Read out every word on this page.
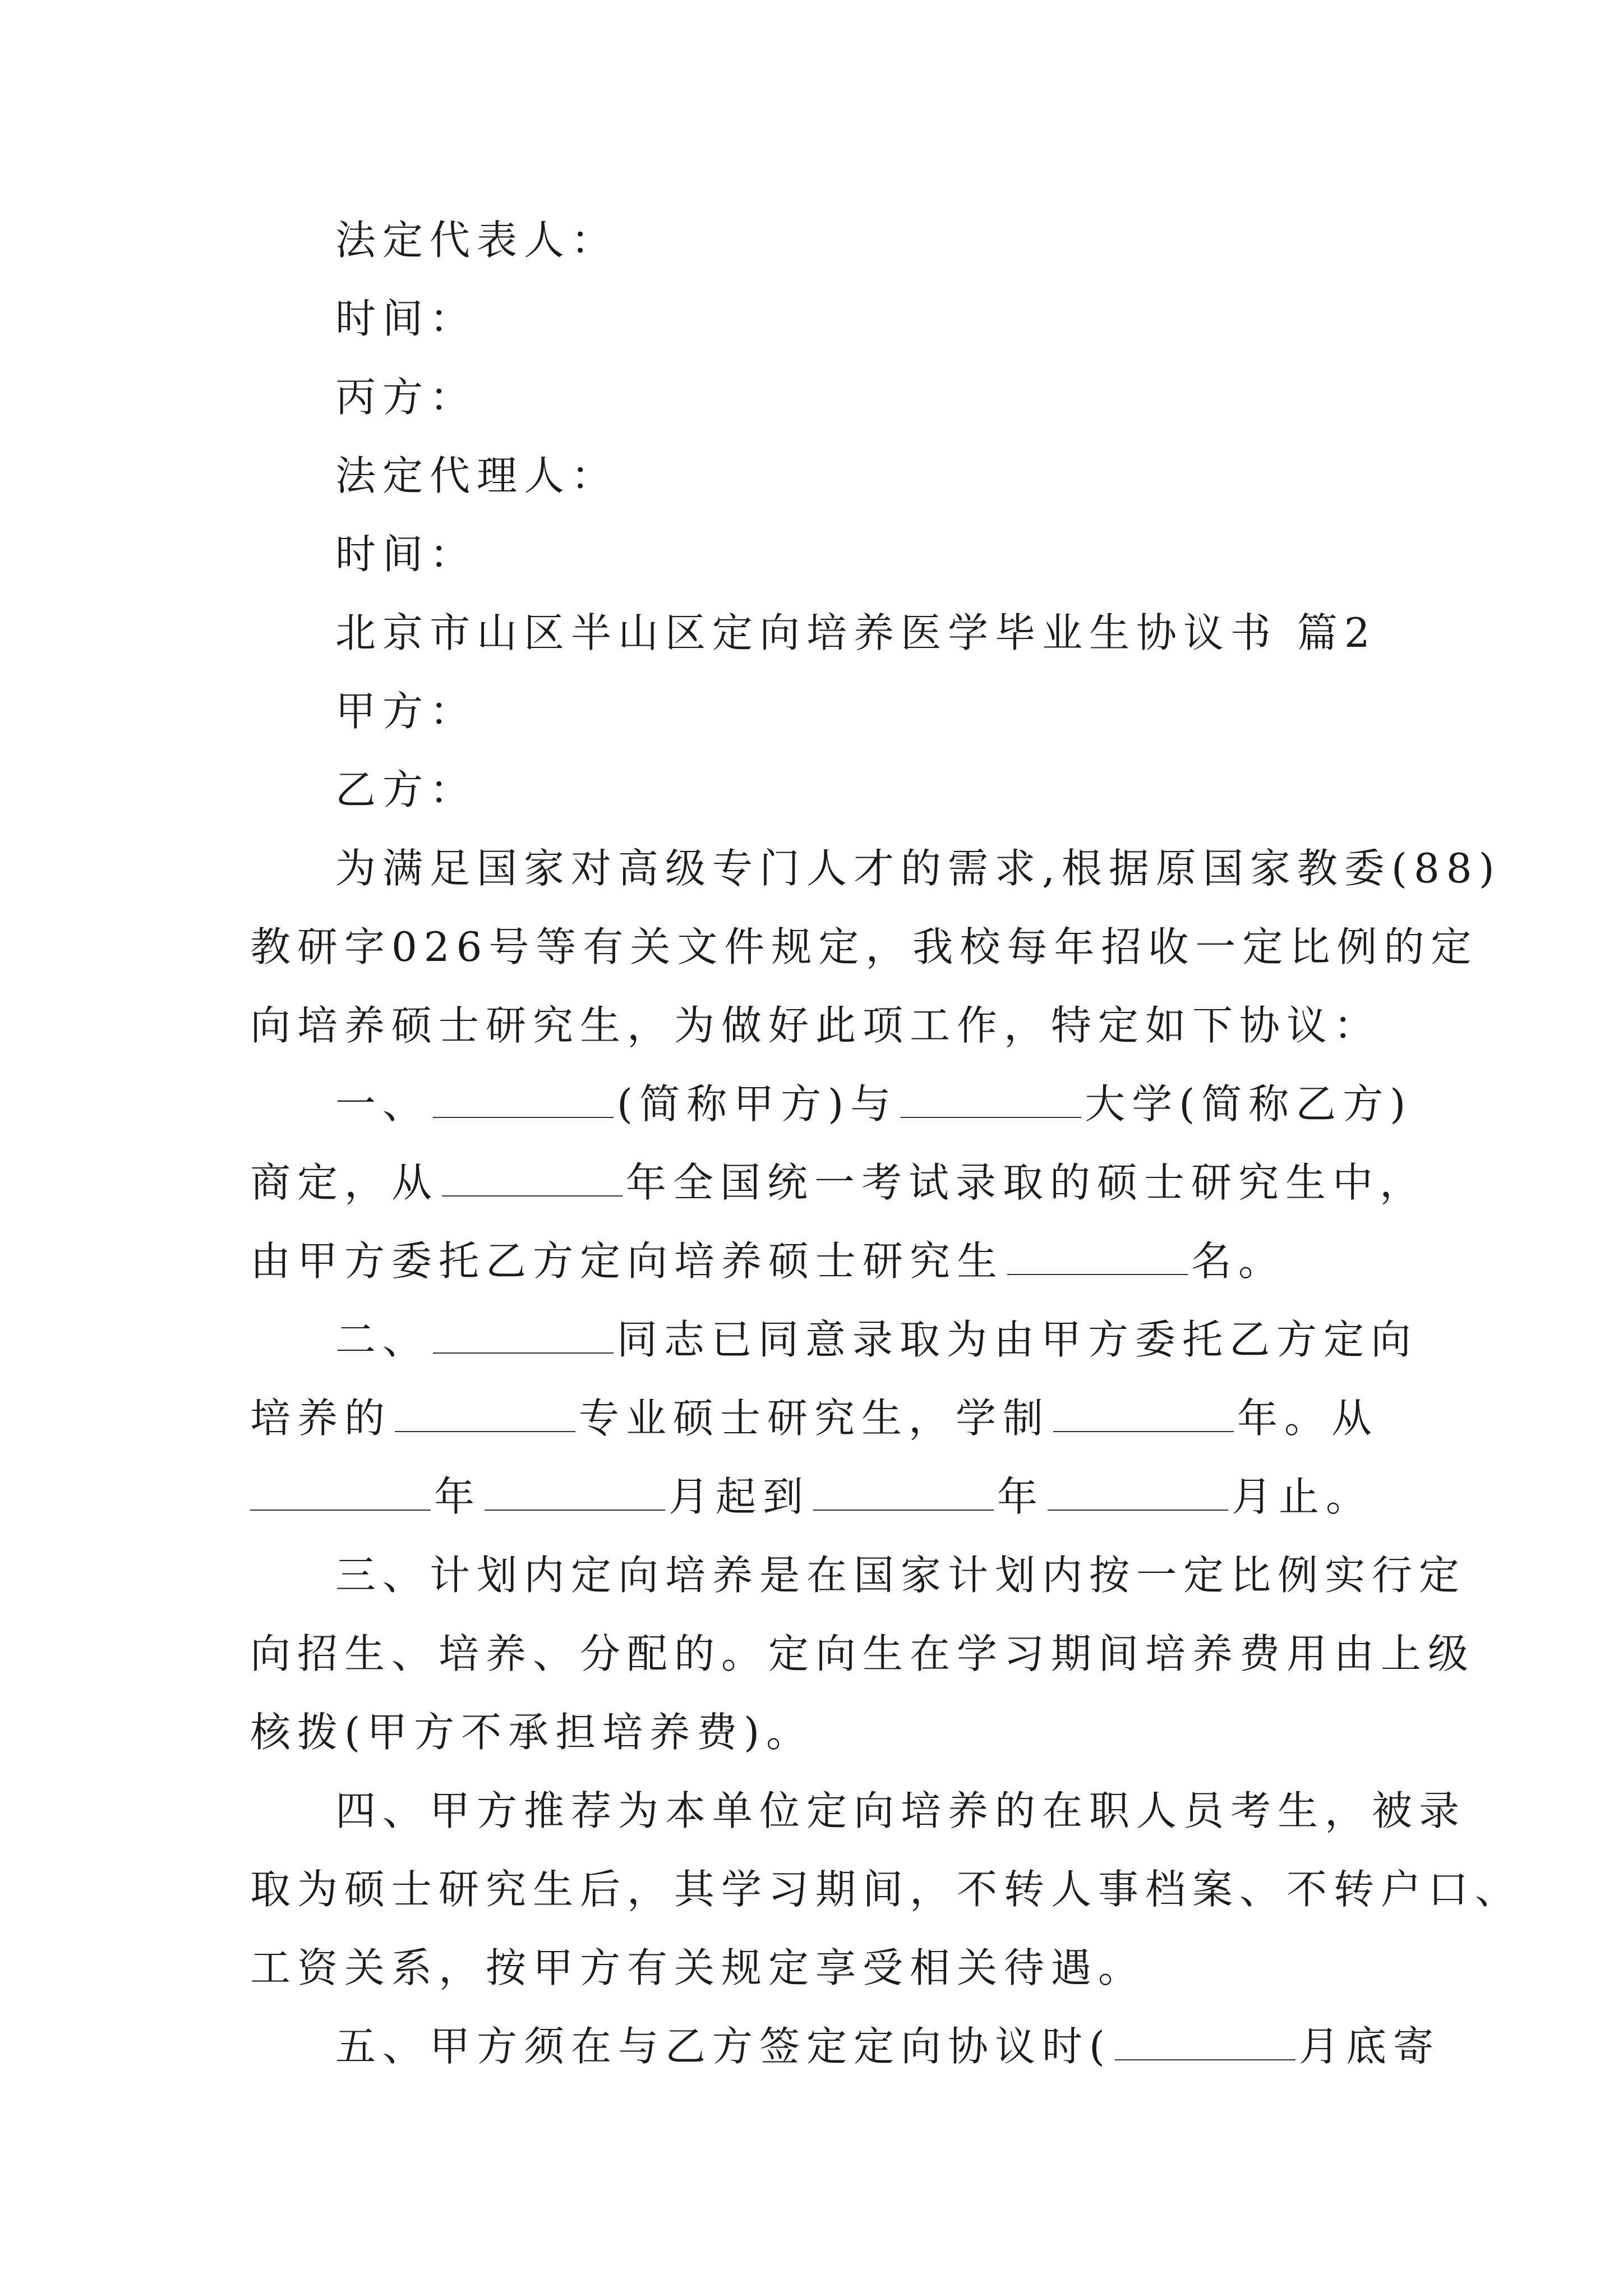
法定代表人：
时间：
丙方：
法定代理人：
时间：
北京市山区半山区定向培养医学毕业生协议书 篇2
甲方：
乙方：
为满足国家对高级专门人才的需求,根据原国家教委(88)
教研字026号等有关文件规定，我校每年招收一定比例的定
向培养硕士研究生，为做好此项工作，特定如下协议：
一、	(简称甲方)与	大学(简称乙方)
商定，从	年全国统一考试录取的硕士研究生中，
由甲方委托乙方定向培养硕士研究生	名。
二、	同志已同意录取为由甲方委托乙方定向
培养的	专业硕士研究生，学制	年。从
年	月起到	年	月止。
三、计划内定向培养是在国家计划内按一定比例实行定
向招生、培养、分配的。定向生在学习期间培养费用由上级
核拨(甲方不承担培养费)。
四、甲方推荐为本单位定向培养的在职人员考生，被录
取为硕士研究生后，其学习期间，不转人事档案、不转户口、
工资关系，按甲方有关规定享受相关待遇。
五、甲方须在与乙方签定定向协议时(	月底寄
